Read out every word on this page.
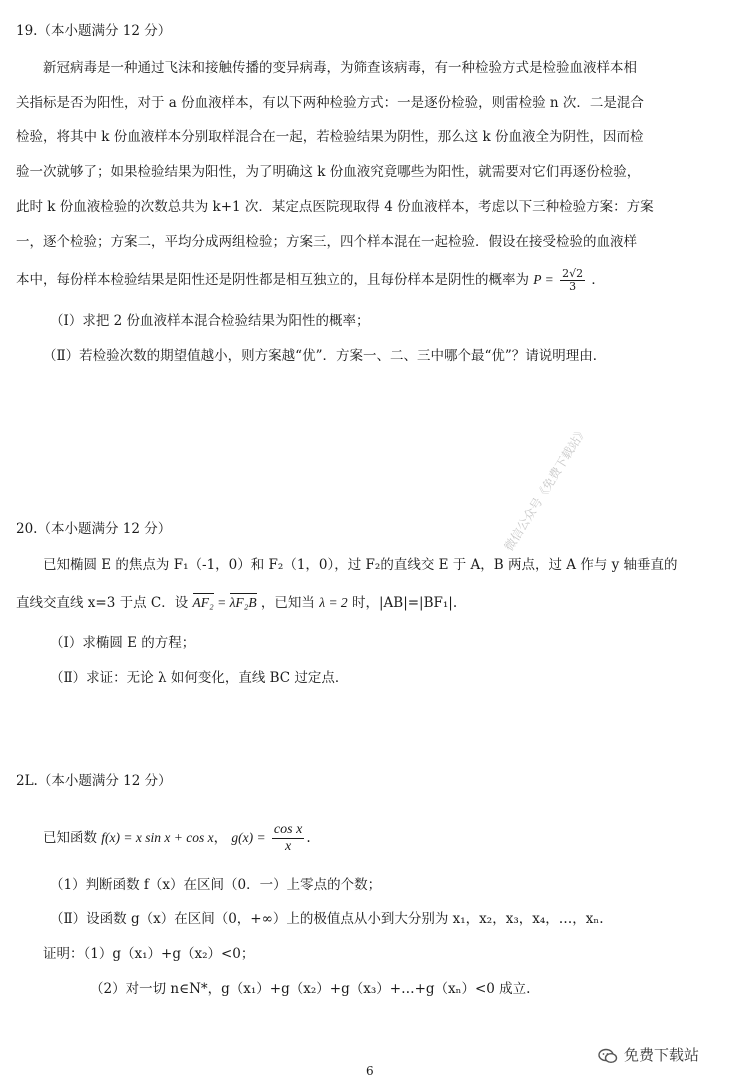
19.（本小题满分 12 分）
新冠病毒是一种通过飞沫和接触传播的变异病毒，为筛查该病毒，有一种检验方式是检验血液样本相
关指标是否为阳性，对于 a 份血液样本，有以下两种检验方式：一是逐份检验，则雷检验 n 次．二是混合
检验，将其中 k 份血液样本分别取样混合在一起，若检验结果为阴性，那么这 k 份血液全为阴性，因而检
验一次就够了；如果检验结果为阳性，为了明确这 k 份血液究竟哪些为阳性，就需要对它们再逐份检验，
此时 k 份血液检验的次数总共为 k+1 次．某定点医院现取得 4 份血液样本，考虑以下三种检验方案：方案
一，逐个检验；方案二，平均分成两组检验；方案三，四个样本混在一起检验．假设在接受检验的血液样
本中，每份样本检验结果是阳性还是阴性都是相互独立的，且每份样本是阴性的概率为 $P = \frac{2√2}{3}$ ．
（Ⅰ）求把 2 份血液样本混合检验结果为阳性的概率；
（Ⅱ）若检验次数的期望值越小，则方案越“优”．方案一、二、三中哪个最“优”？请说明理由．
20.（本小题满分 12 分）
已知椭圆 E 的焦点为 F₁（-1，0）和 F₂（1，0），过 F₂的直线交 E 于 A，B 两点，过 A 作与 y 轴垂直的
直线交直线 x=3 于点 C．设 AF₂ = λF₂B ，已知当 λ = 2 时，|AB|=|BF₁|.
（Ⅰ）求椭圆 E 的方程；
（Ⅱ）求证：无论 λ 如何变化，直线 BC 过定点．
2L.（本小题满分 12 分）
已知函数 f(x) = x sin x + cos x， $g(x) = \frac{\text{cos x}}{x}$ .
（1）判断函数 f（x）在区间（0．一）上零点的个数；
（Ⅱ）设函数 g（x）在区间（0，+∞）上的极值点从小到大分别为 x₁，x₂，x₃，x₄，…，xₙ.
证明：（1）g（x₁）+g（x₂）<0；
（2）对一切 n∈N*，g（x₁）+g（x₂）+g（x₃）+…+g（xₙ）<0 成立.
微信公众号《免费下载站》
免费下载站
6
